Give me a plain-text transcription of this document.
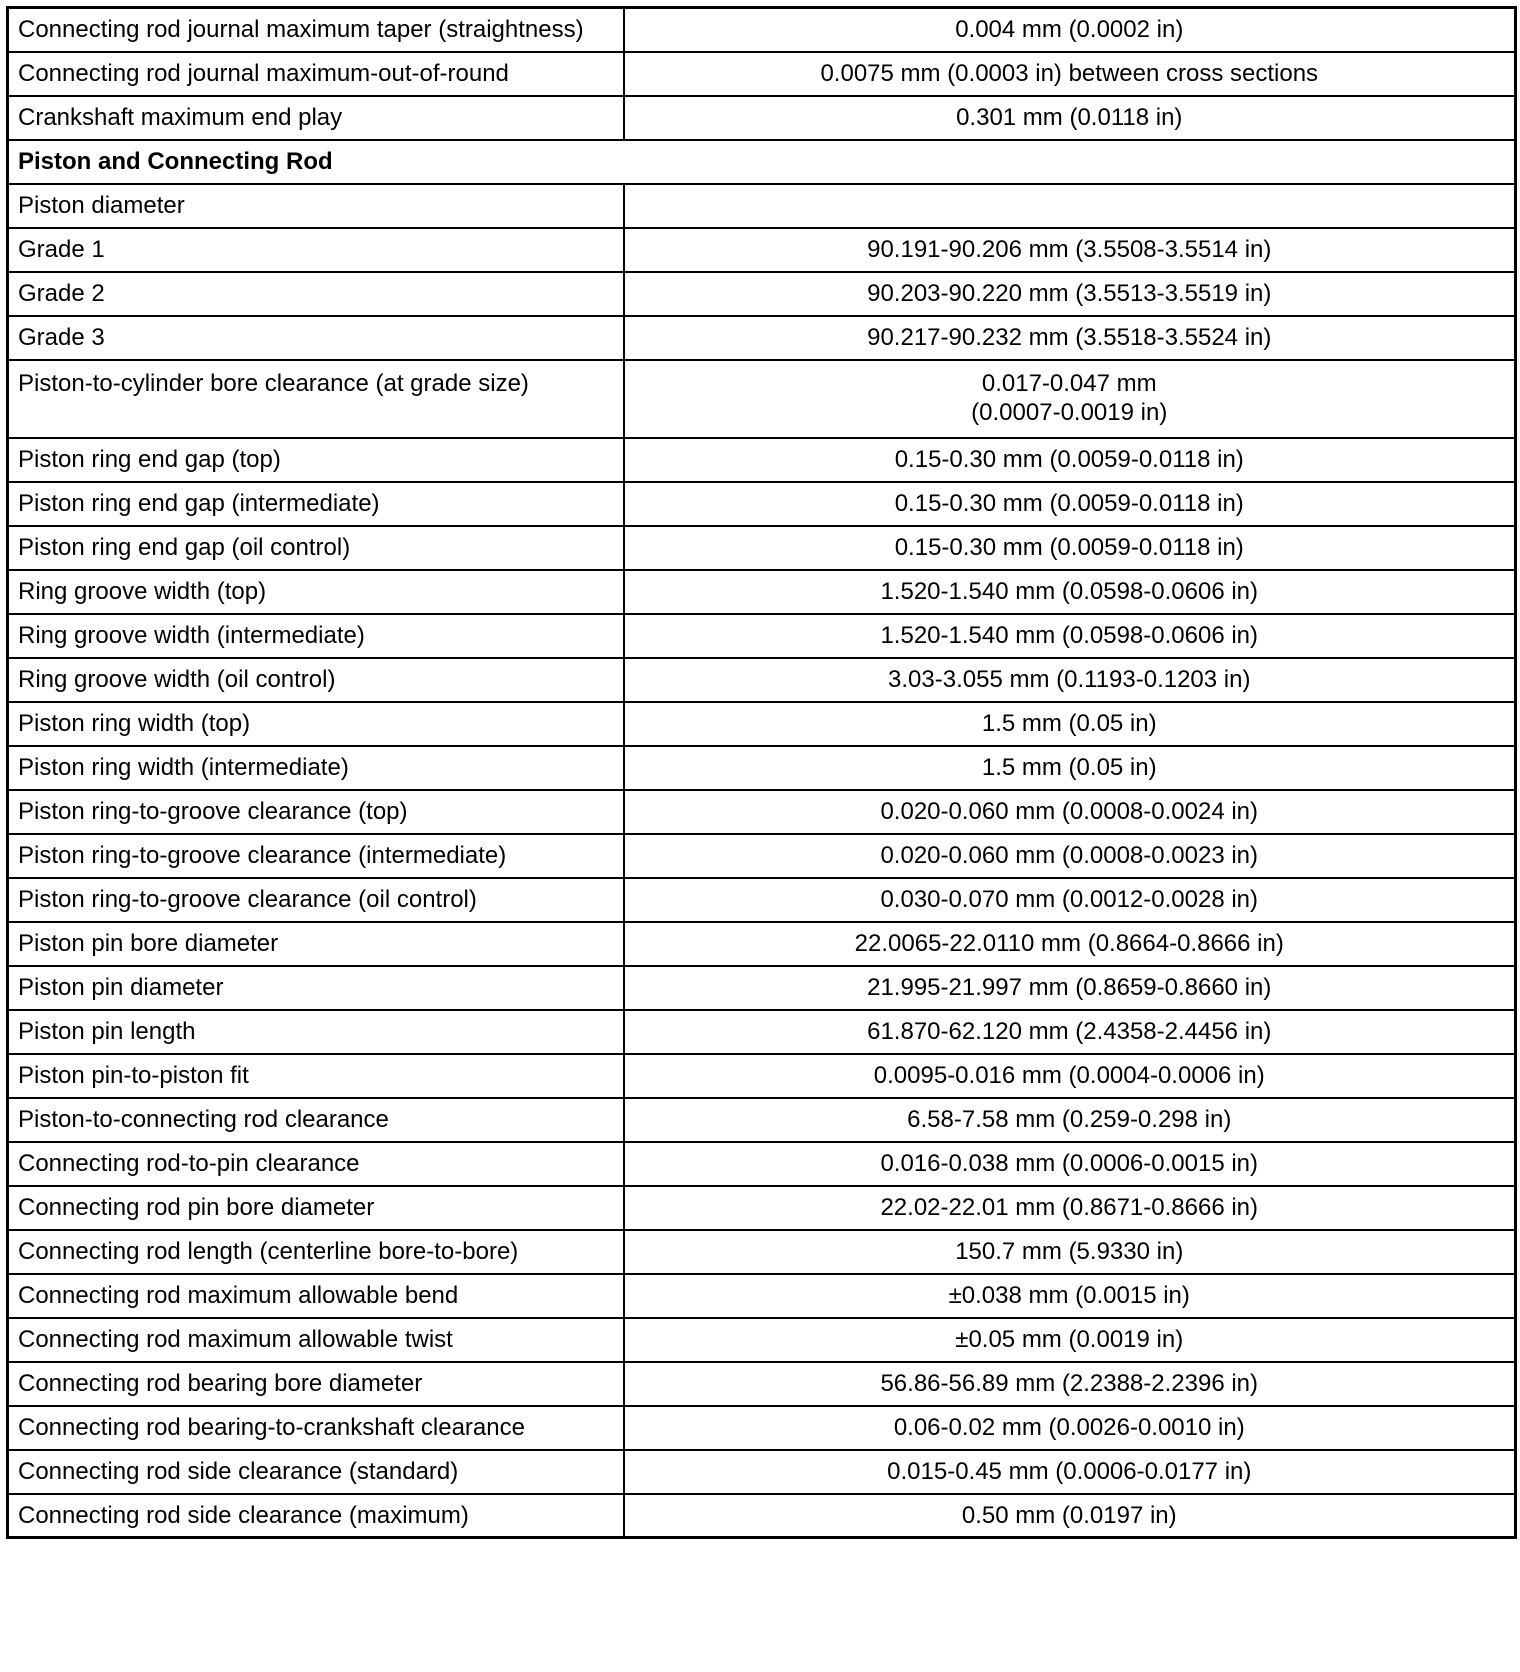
Connecting rod journal maximum taper (straightness)	0.004 mm (0.0002 in)
Connecting rod journal maximum-out-of-round	0.0075 mm (0.0003 in) between cross sections
Crankshaft maximum end play	0.301 mm (0.0118 in)
Piston and Connecting Rod	
Piston diameter	
Grade 1	90.191-90.206 mm (3.5508-3.5514 in)
Grade 2	90.203-90.220 mm (3.5513-3.5519 in)
Grade 3	90.217-90.232 mm (3.5518-3.5524 in)
Piston-to-cylinder bore clearance (at grade size)	0.017-0.047 mm
(0.0007-0.0019 in)

Piston ring end gap (top)	0.15-0.30 mm (0.0059-0.0118 in)
Piston ring end gap (intermediate)	0.15-0.30 mm (0.0059-0.0118 in)
Piston ring end gap (oil control)	0.15-0.30 mm (0.0059-0.0118 in)
Ring groove width (top)	1.520-1.540 mm (0.0598-0.0606 in)
Ring groove width (intermediate)	1.520-1.540 mm (0.0598-0.0606 in)
Ring groove width (oil control)	3.03-3.055 mm (0.1193-0.1203 in)
Piston ring width (top)	1.5 mm (0.05 in)
Piston ring width (intermediate)	1.5 mm (0.05 in)
Piston ring-to-groove clearance (top)	0.020-0.060 mm (0.0008-0.0024 in)
Piston ring-to-groove clearance (intermediate)	0.020-0.060 mm (0.0008-0.0023 in)
Piston ring-to-groove clearance (oil control)	0.030-0.070 mm (0.0012-0.0028 in)
Piston pin bore diameter	22.0065-22.0110 mm (0.8664-0.8666 in)
Piston pin diameter	21.995-21.997 mm (0.8659-0.8660 in)
Piston pin length	61.870-62.120 mm (2.4358-2.4456 in)
Piston pin-to-piston fit	0.0095-0.016 mm (0.0004-0.0006 in)
Piston-to-connecting rod clearance	6.58-7.58 mm (0.259-0.298 in)
Connecting rod-to-pin clearance	0.016-0.038 mm (0.0006-0.0015 in)
Connecting rod pin bore diameter	22.02-22.01 mm (0.8671-0.8666 in)
Connecting rod length (centerline bore-to-bore)	150.7 mm (5.9330 in)
Connecting rod maximum allowable bend	±0.038 mm (0.0015 in)
Connecting rod maximum allowable twist	±0.05 mm (0.0019 in)
Connecting rod bearing bore diameter	56.86-56.89 mm (2.2388-2.2396 in)
Connecting rod bearing-to-crankshaft clearance	0.06-0.02 mm (0.0026-0.0010 in)
Connecting rod side clearance (standard)	0.015-0.45 mm (0.0006-0.0177 in)
Connecting rod side clearance (maximum)	0.50 mm (0.0197 in)
